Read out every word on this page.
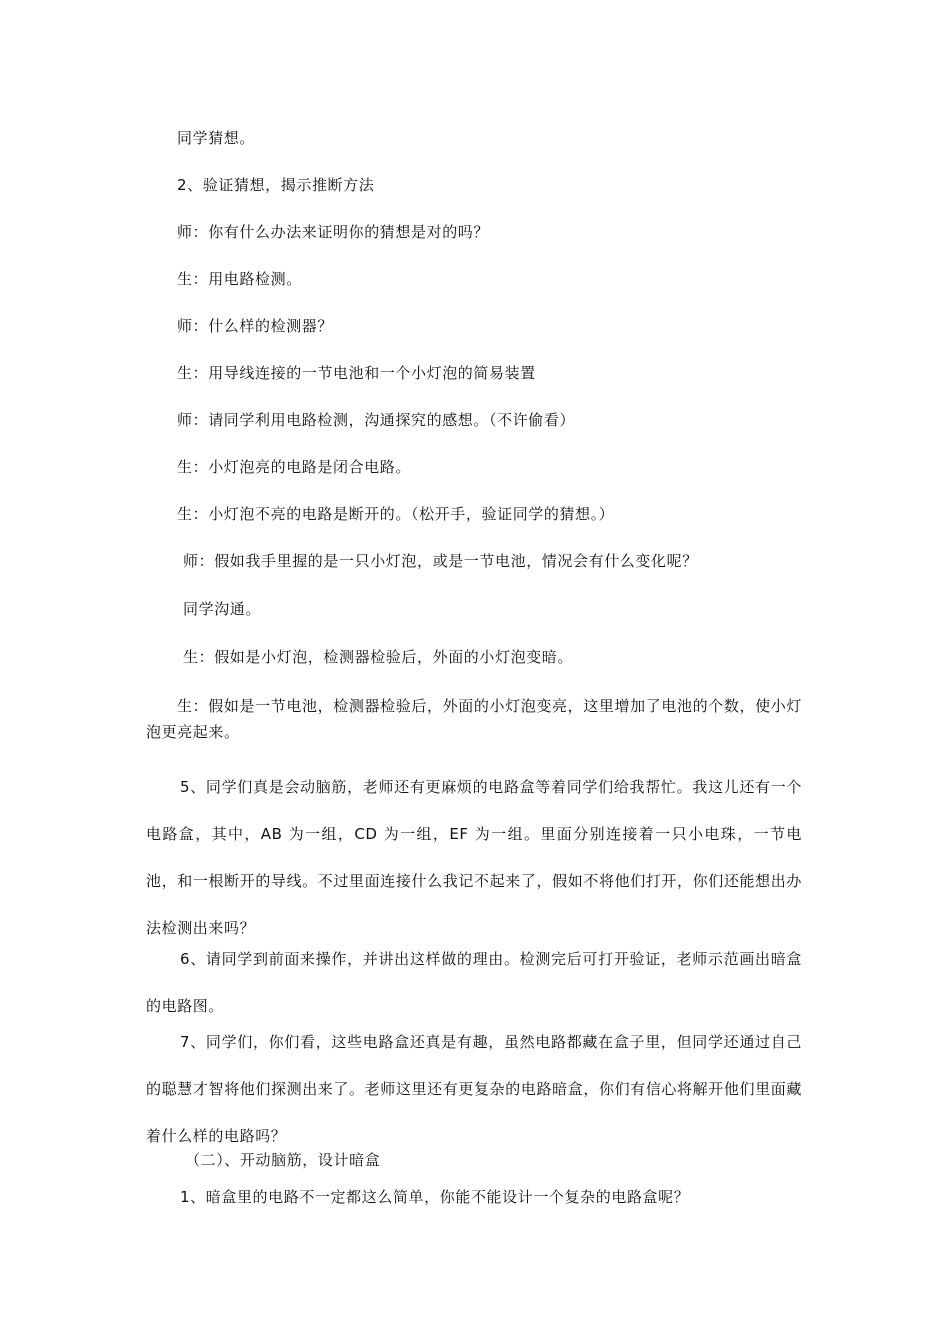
同学猜想。
2、验证猜想，揭示推断方法
师：你有什么办法来证明你的猜想是对的吗？
生：用电路检测。
师：什么样的检测器？
生：用导线连接的一节电池和一个小灯泡的简易装置
师：请同学利用电路检测，沟通探究的感想。（不许偷看）
生：小灯泡亮的电路是闭合电路。
生：小灯泡不亮的电路是断开的。（松开手，验证同学的猜想。）
师：假如我手里握的是一只小灯泡，或是一节电池，情况会有什么变化呢？
同学沟通。
生：假如是小灯泡，检测器检验后，外面的小灯泡变暗。
生：假如是一节电池，检测器检验后，外面的小灯泡变亮，这里增加了电池的个数，使小灯泡更亮起来。
5、同学们真是会动脑筋，老师还有更麻烦的电路盒等着同学们给我帮忙。我这儿还有一个电路盒，其中，AB 为一组，CD 为一组，EF 为一组。里面分别连接着一只小电珠，一节电池，和一根断开的导线。不过里面连接什么我记不起来了，假如不将他们打开，你们还能想出办法检测出来吗？
6、请同学到前面来操作，并讲出这样做的理由。检测完后可打开验证，老师示范画出暗盒的电路图。
7、同学们，你们看，这些电路盒还真是有趣，虽然电路都藏在盒子里，但同学还通过自己的聪慧才智将他们探测出来了。老师这里还有更复杂的电路暗盒，你们有信心将解开他们里面藏着什么样的电路吗？
（二）、开动脑筋，设计暗盒
1、暗盒里的电路不一定都这么简单，你能不能设计一个复杂的电路盒呢？
